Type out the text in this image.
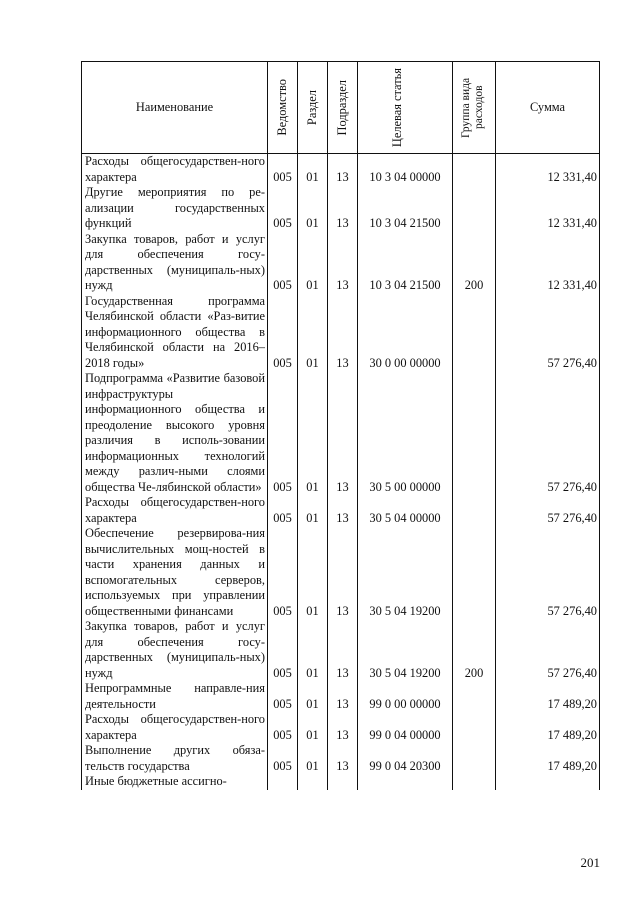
Наименование	Ведомство	Раздел	Подраздел	Целевая статья	Группа вида расходов	Сумма
Расходы общегосударствен-ного характера	005	01	13	10 3 04 00000		12 331,40
Другие мероприятия по ре-ализации государственных функций	005	01	13	10 3 04 21500		12 331,40
Закупка товаров, работ и услуг для обеспечения госу-дарственных (муниципаль-ных) нужд	005	01	13	10 3 04 21500	200	12 331,40
Государственная программа Челябинской области «Раз-витие информационного общества в Челябинской области на 2016–2018 годы»	005	01	13	30 0 00 00000		57 276,40
Подпрограмма «Развитие базовой инфраструктуры информационного общества и преодоление высокого уровня различия в исполь-зовании информационных технологий между различ-ными слоями общества Че-лябинской области»	005	01	13	30 5 00 00000		57 276,40
Расходы общегосударствен-ного характера	005	01	13	30 5 04 00000		57 276,40
Обеспечение резервирова-ния вычислительных мощ-ностей в части хранения данных и вспомогательных серверов, используемых при управлении общественными финансами	005	01	13	30 5 04 19200		57 276,40
Закупка товаров, работ и услуг для обеспечения госу-дарственных (муниципаль-ных) нужд	005	01	13	30 5 04 19200	200	57 276,40
Непрограммные направле-ния деятельности	005	01	13	99 0 00 00000		17 489,20
Расходы общегосударствен-ного характера	005	01	13	99 0 04 00000		17 489,20
Выполнение других обяза-тельств государства	005	01	13	99 0 04 20300		17 489,20
Иные бюджетные ассигно-						
201
